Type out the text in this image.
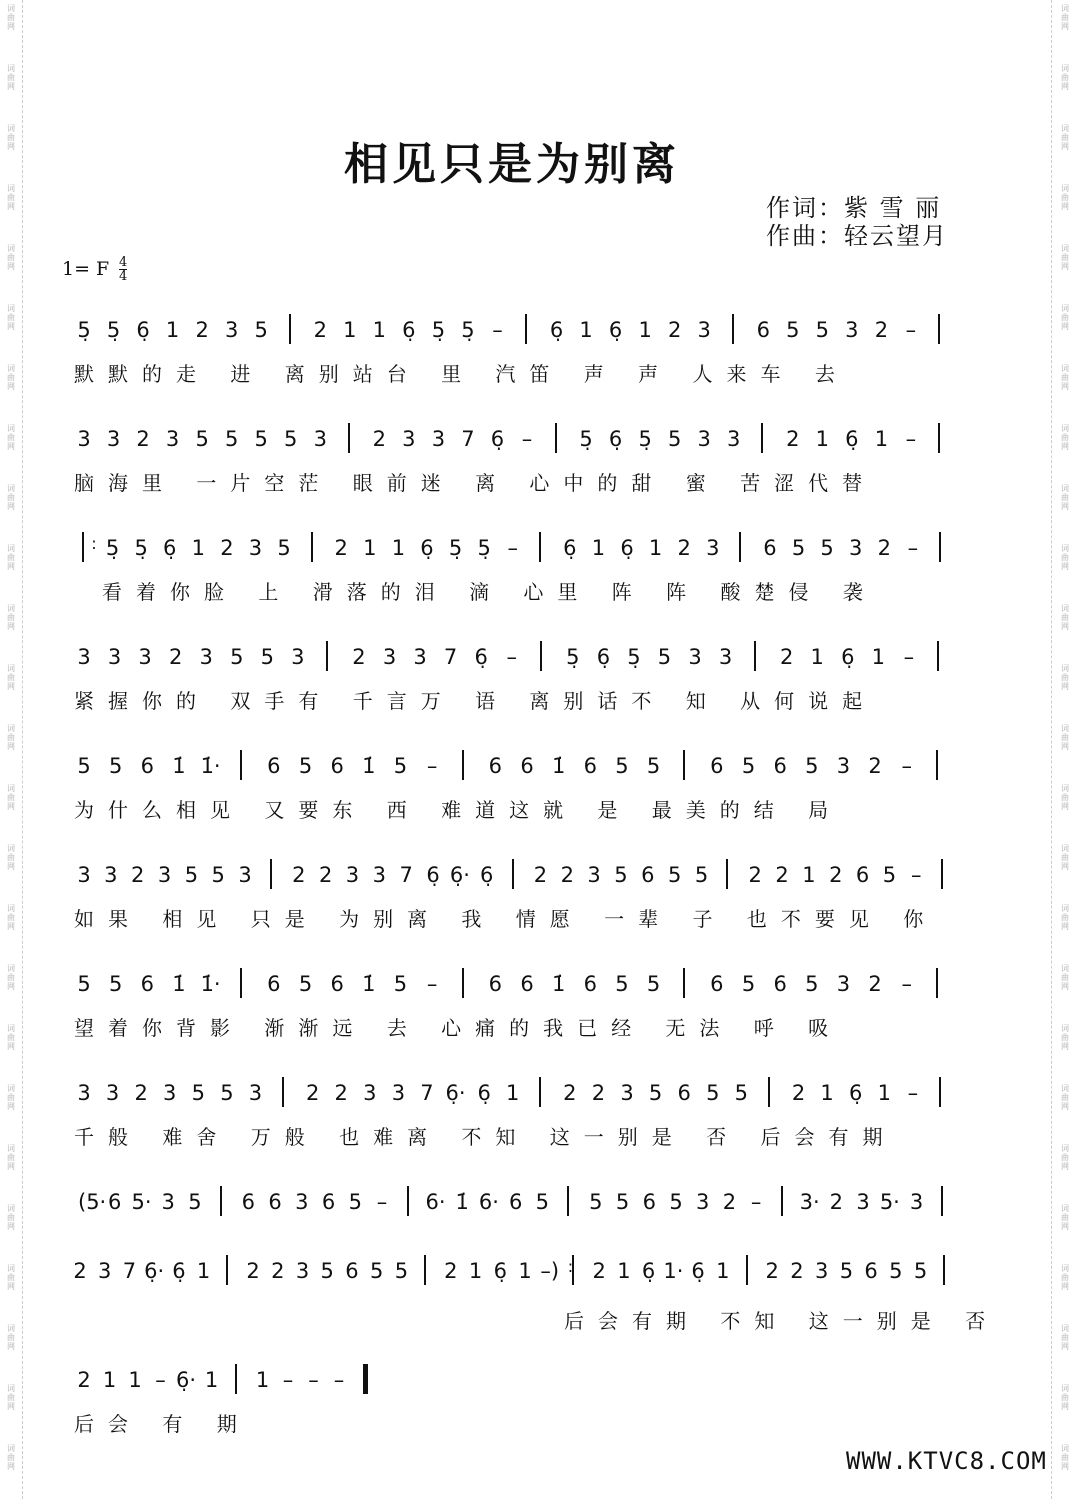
词
曲
网
词
曲
网
词
曲
网
词
曲
网
词
曲
网
词
曲
网
词
曲
网
词
曲
网
词
曲
网
词
曲
网
词
曲
网
词
曲
网
词
曲
网
词
曲
网
词
曲
网
词
曲
网
词
曲
网
词
曲
网
词
曲
网
词
曲
网
词
曲
网
词
曲
网
词
曲
网
词
曲
网
词
曲
网
词
曲
网
词
曲
网
词
曲
网
词
曲
网
词
曲
网
词
曲
网
词
曲
网
词
曲
网
词
曲
网
词
曲
网
词
曲
网
词
曲
网
词
曲
网
词
曲
网
词
曲
网
词
曲
网
词
曲
网
词
曲
网
词
曲
网
词
曲
网
词
曲
网
词
曲
网
词
曲
网
词
曲
网
词
曲
网
相见只是为别离
作词：紫 雪 丽
作曲：轻云望月
1= F 4
4
5̣ 5̣ 6̣ 1 2 3 5 2 1 1 6̣ 5̣ 5̣ – 6̣ 1 6̣ 1 2 3 6 5 5 3 2 –
默默的走 进 离别站台 里 汽笛 声 声 人来车 去
3 3 2 3 5 5 5 5 3 2 3 3 7 6̣ – 5̣ 6̣ 5̣ 5 3 3 2 1 6̣ 1 –
脑海里 一片空茫 眼前迷 离 心中的甜 蜜 苦涩代替
: 5̣ 5̣ 6̣ 1 2 3 5 2 1 1 6̣ 5̣ 5̣ – 6̣ 1 6̣ 1 2 3 6 5 5 3 2 –
看着你脸 上 滑落的泪 滴 心里 阵 阵 酸楚侵 袭
3 3 3 2 3 5 5 3 2 3 3 7 6̣ – 5̣ 6̣ 5̣ 5 3 3 2 1 6̣ 1 –
紧握你的 双手有 千言万 语 离别话不 知 从何说起
5 5 6 1̇ 1̇· 6 5 6 1̇ 5 – 6 6 1̇ 6 5 5 6 5 6 5 3 2 –
为什么相见 又要东 西 难道这就 是 最美的结 局
3 3 2 3 5 5 3 2 2 3 3 7 6̣ 6̣· 6̣ 2 2 3 5 6 5 5 2 2 1 2 6 5 –
如果 相见 只是 为别离 我 情愿 一辈 子 也不要见 你
5 5 6 1̇ 1̇· 6 5 6 1̇ 5 – 6 6 1̇ 6 5 5 6 5 6 5 3 2 –
望着你背影 渐渐远 去 心痛的我已经 无法 呼 吸
3 3 2 3 5 5 3 2 2 3 3 7 6̣· 6̣ 1 2 2 3 5 6 5 5 2 1 6̣ 1 –
千般 难舍 万般 也难离 不知 这一别是 否 后会有期
(5· 6 5· 3 5 6 6 3 6 5 – 6· 1̇ 6· 6 5 5 5 6 5 3 2 – 3· 2 3 5· 3
2 3 7 6̣· 6̣ 1 2 2 3 5 6 5 5 2 1 6̣ 1 –) : 2 1 6̣ 1· 6̣ 1 2 2 3 5 6 5 5
后会有期 不知 这一别是 否
2 1 1 – 6̣· 1 1 – – –
后会 有 期
WWW.KTVC8.COM
